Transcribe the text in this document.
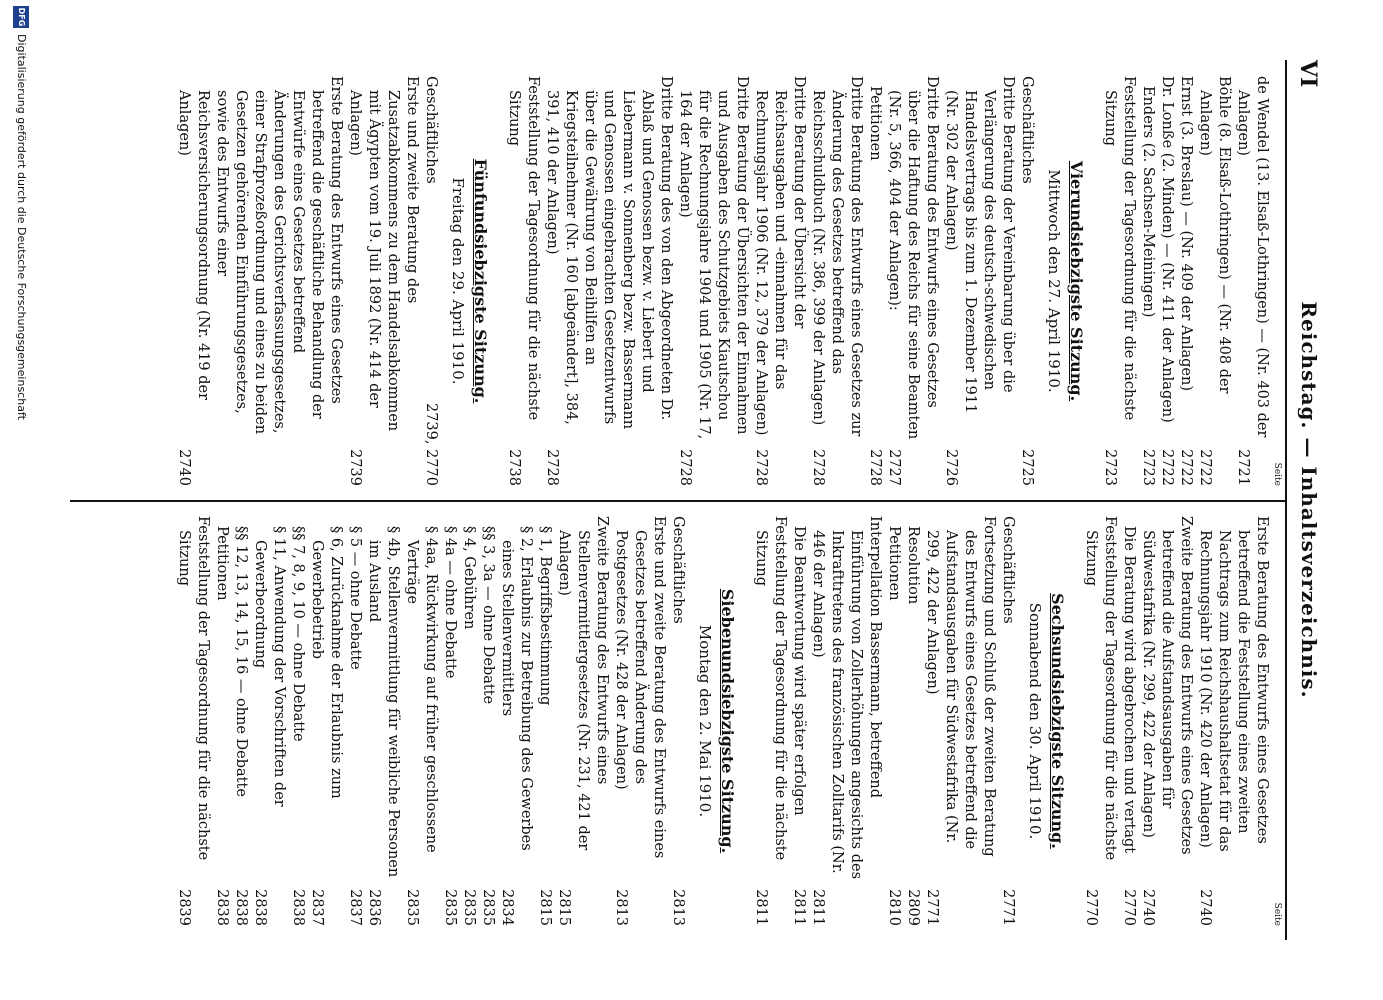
VI
Reichstag. — Inhaltsverzeichnis.
Seite
de Wendel (13. Elsaß-Lothringen) — (Nr. 403 der Anlagen)
2721
Böhle (8. Elsaß-Lothringen) — (Nr. 408 der Anlagen)
2722
Ernst (3. Breslau) — (Nr. 409 der Anlagen)
2722
Dr. Lonße (2. Minden) — (Nr. 411 der Anlagen)
2722
Enders (2. Sachsen-Meiningen)
2723
Feststellung der Tagesordnung für die nächste Sitzung
2723
Vierundsiebzigste Sitzung.
Mittwoch den 27. April 1910.
Geschäftliches
2725
Dritte Beratung der Vereinbarung über die Verlängerung des deutsch-schwedischen Handelsvertrags bis zum 1. Dezember 1911 (Nr. 302 der Anlagen)
2726
Dritte Beratung des Entwurfs eines Gesetzes über die Haftung des Reichs für seine Beamten (Nr. 5, 366, 404 der Anlagen):
2727
Petitionen
2728
Dritte Beratung des Entwurfs eines Gesetzes zur Änderung des Gesetzes betreffend das Reichsschuldbuch (Nr. 386, 399 der Anlagen)
2728
Dritte Beratung der Übersicht der Reichsausgaben und -einnahmen für das Rechnungsjahr 1906 (Nr. 12, 379 der Anlagen)
2728
Dritte Beratung der Übersichten der Einnahmen und Ausgaben des Schutzgebiets Kiautschou für die Rechnungsjahre 1904 und 1905 (Nr. 17, 164 der Anlagen)
2728
Dritte Beratung des von den Abgeordneten Dr. Ablaß und Genossen bezw. v. Liebert und Liebermann v. Sonnenberg bezw. Bassermann und Genossen eingebrachten Gesetzentwurfs über die Gewährung von Beihilfen an Kriegsteilnehmer (Nr. 160 [abgeändert], 384, 391, 410 der Anlagen)
2728
Feststellung der Tagesordnung für die nächste Sitzung
2738
Fünfundsiebzigste Sitzung.
Freitag den 29. April 1910.
Geschäftliches
2739, 2770
Erste und zweite Beratung des Zusatzabkommens zu dem Handelsabkommen mit Ägypten vom 19. Juli 1892 (Nr. 414 der Anlagen)
2739
Erste Beratung des Entwurfs eines Gesetzes betreffend die geschäftliche Behandlung der Entwürfe eines Gesetzes betreffend Änderungen des Gerichtsverfassungsgesetzes, einer Strafprozeßordnung und eines zu beiden Gesetzen gehörenden Einführungsgesetzes, sowie des Entwurfs einer Reichsversicherungsordnung (Nr. 419 der Anlagen)
2740
Seite
Erste Beratung des Entwurfs eines Gesetzes betreffend die Feststellung eines zweiten Nachtrags zum Reichshaushaltsetat für das Rechnungsjahr 1910 (Nr. 420 der Anlagen)
2740
Zweite Beratung des Entwurfs eines Gesetzes betreffend die Aufstandsausgaben für Südwestafrika (Nr. 299, 422 der Anlagen)
2740
Die Beratung wird abgebrochen und vertagt
2770
Feststellung der Tagesordnung für die nächste Sitzung
2770
Sechsundsiebzigste Sitzung.
Sonnabend den 30. April 1910.
Geschäftliches
2771
Fortsetzung und Schluß der zweiten Beratung des Entwurfs eines Gesetzes betreffend die Aufstandsausgaben für Südwestafrika (Nr. 299, 422 der Anlagen)
2771
Resolution
2809
Petitionen
2810
Interpellation Bassermann, betreffend Einführung von Zollerhöhungen angesichts des Inkrafttretens des französischen Zolltarifs (Nr. 446 der Anlagen)
2811
Die Beantwortung wird später erfolgen
2811
Feststellung der Tagesordnung für die nächste Sitzung
2811
Siebenundsiebzigste Sitzung.
Montag den 2. Mai 1910.
Geschäftliches
2813
Erste und zweite Beratung des Entwurfs eines Gesetzes betreffend Änderung des Postgesetzes (Nr. 428 der Anlagen)
2813
Zweite Beratung des Entwurfs eines Stellenvermittlergesetzes (Nr. 231, 421 der Anlagen)
2815
§ 1, Begriffsbestimmung
2815
§ 2, Erlaubnis zur Betreibung des Gewerbes eines Stellenvermittlers
2834
§§ 3, 3a — ohne Debatte
2835
§ 4, Gebühren
2835
§ 4a — ohne Debatte
2835
§ 4aa, Rückwirkung auf früher geschlossene Verträge
2835
§ 4b, Stellenvermittlung für weibliche Personen im Ausland
2836
§ 5 — ohne Debatte
2837
§ 6, Zurücknahme der Erlaubnis zum Gewerbebetrieb
2837
§§ 7, 8, 9, 10 — ohne Debatte
2838
§ 11, Anwendung der Vorschriften der Gewerbeordnung
2838
§§ 12, 13, 14, 15, 16 — ohne Debatte
2838
Petitionen
2838
Feststellung der Tagesordnung für die nächste Sitzung
2839
DFG
Digitalisierung gefördert durch die Deutsche Forschungsgemeinschaft
